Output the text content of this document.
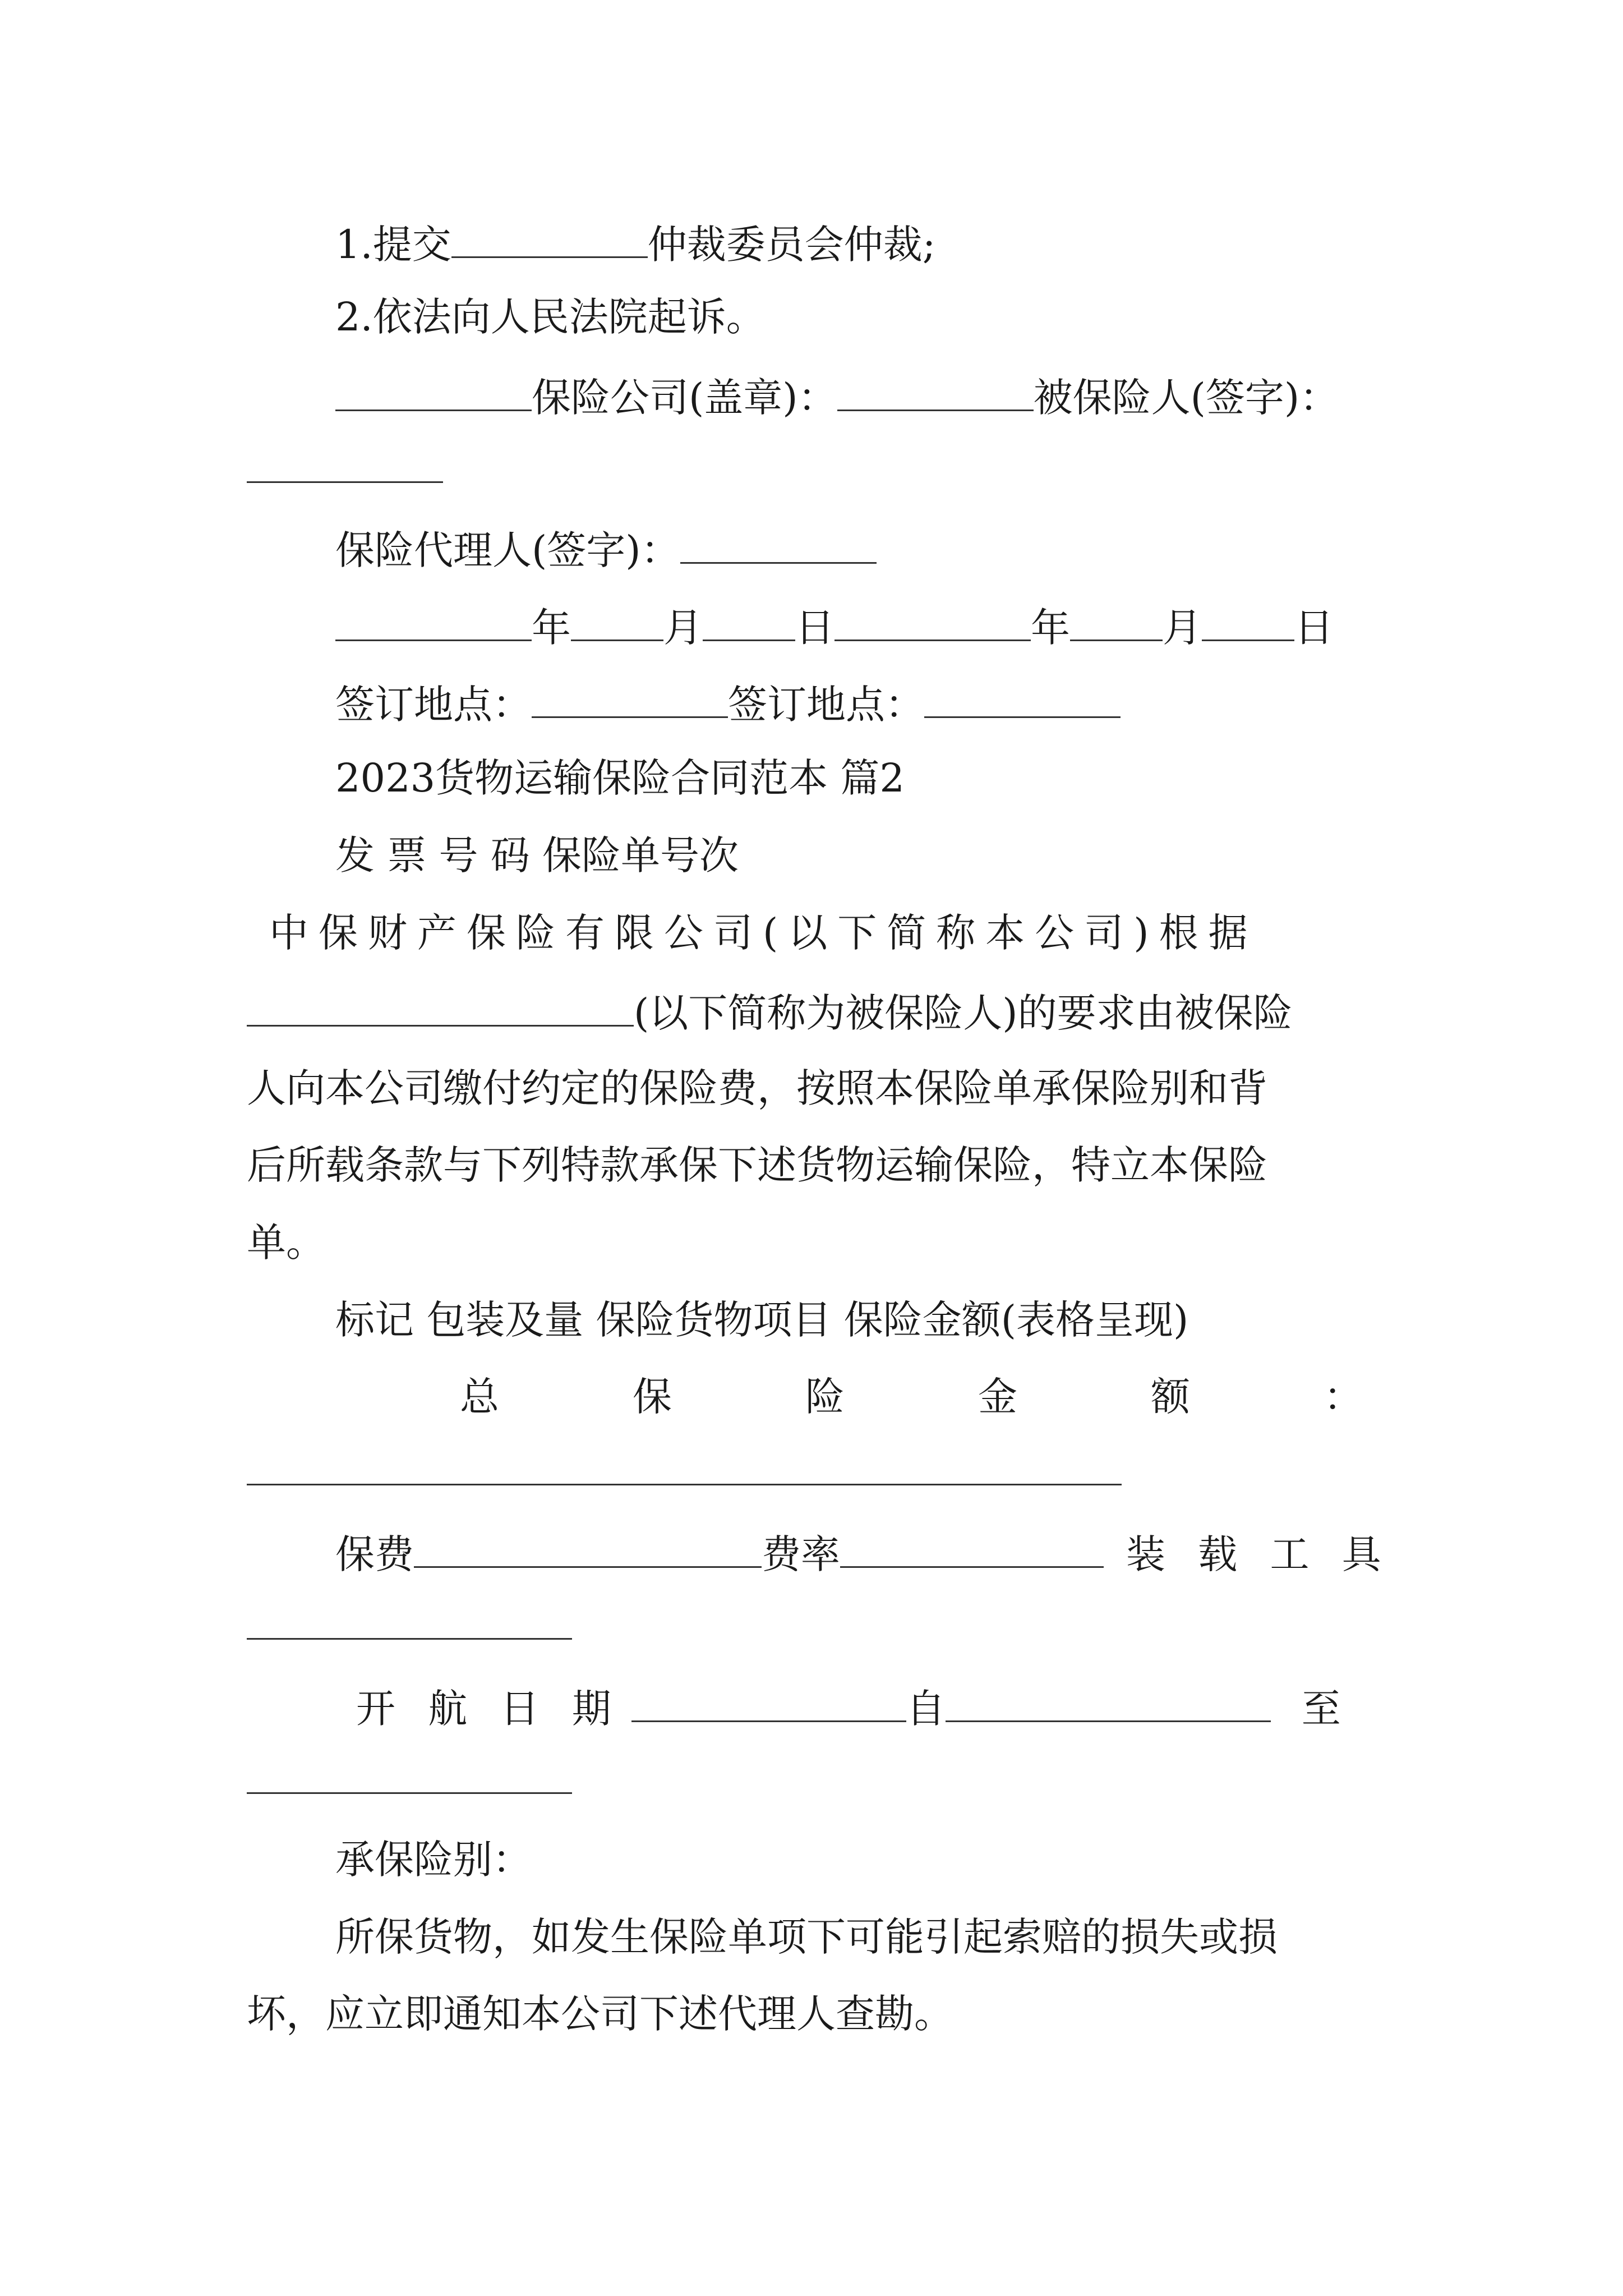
1.提交	仲裁委员会仲裁;
2.依法向人民法院起诉。
保险公司(盖章)：	被保险人(签字)：
保险代理人(签字)：
年 月 日	年 月 日
签订地点：	签订地点：
2023货物运输保险合同范本 篇2
发 票 号 码 保险单号次
中保财产保险有限公司(以下简称本公司)根据
(以下简称为被保险人)的要求由被保险
人向本公司缴付约定的保险费，按照本保险单承保险别和背
后所载条款与下列特款承保下述货物运输保险，特立本保险
单。
标记 包装及量 保险货物项目 保险金额(表格呈现)
总	保	险	金	额	：
保费	费率	装 载 工 具
开 航 日 期	自	至
承保险别：
所保货物，如发生保险单项下可能引起索赔的损失或损
坏，应立即通知本公司下述代理人查勘。
